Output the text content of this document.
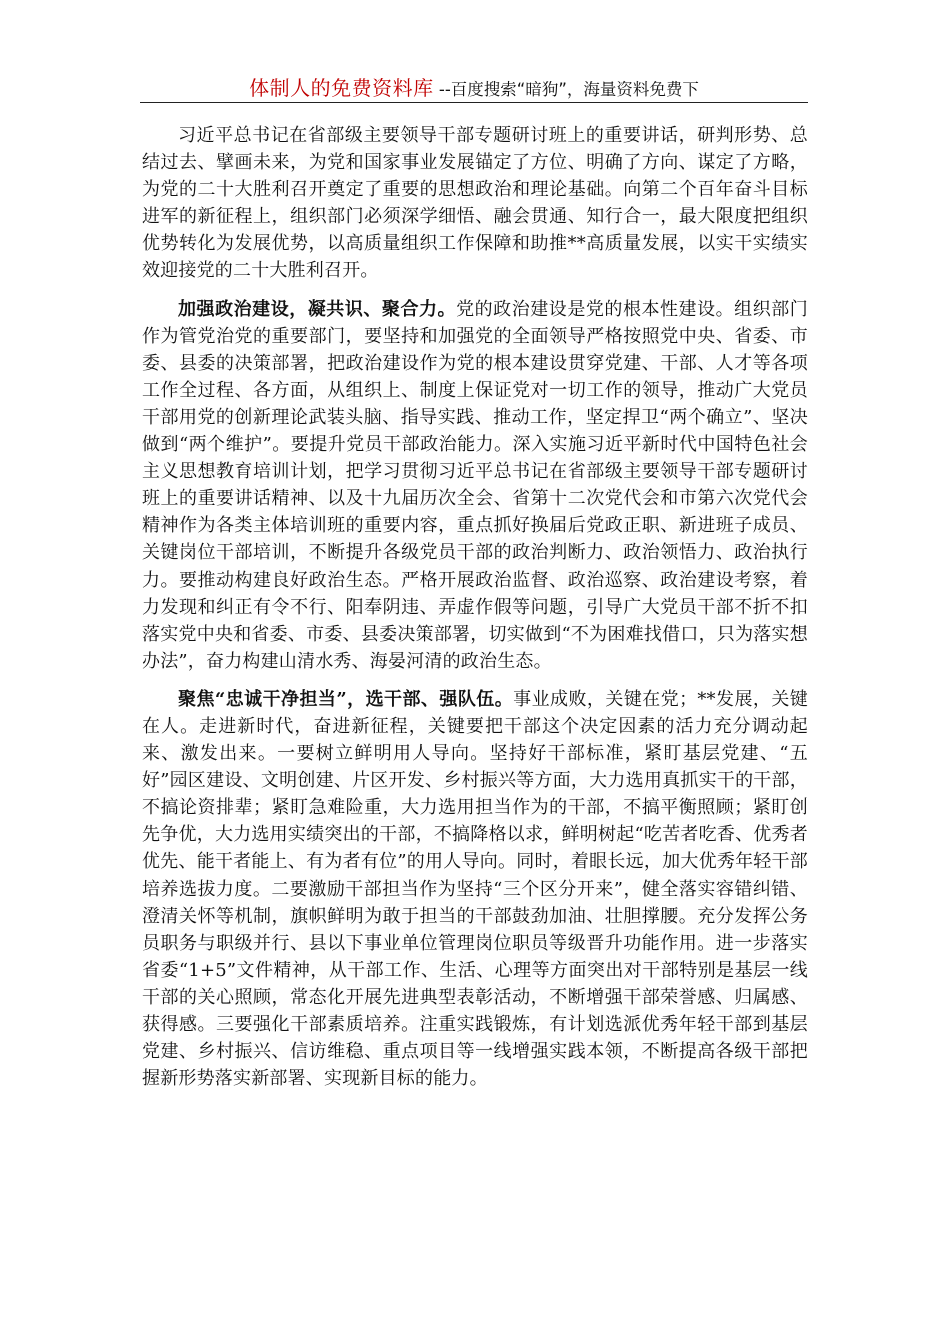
体制人的免费资料库 --百度搜索“暗狗”，海量资料免费下

习近平总书记在省部级主要领导干部专题研讨班上的重要讲话，研判形势、总结过去、擘画未来，为党和国家事业发展锚定了方位、明确了方向、谋定了方略，为党的二十大胜利召开奠定了重要的思想政治和理论基础。向第二个百年奋斗目标进军的新征程上，组织部门必须深学细悟、融会贯通、知行合一，最大限度把组织优势转化为发展优势，以高质量组织工作保障和助推**高质量发展，以实干实绩实效迎接党的二十大胜利召开。

加强政治建设，凝共识、聚合力。党的政治建设是党的根本性建设。组织部门作为管党治党的重要部门，要坚持和加强党的全面领导严格按照党中央、省委、市委、县委的决策部署，把政治建设作为党的根本建设贯穿党建、干部、人才等各项工作全过程、各方面，从组织上、制度上保证党对一切工作的领导，推动广大党员干部用党的创新理论武装头脑、指导实践、推动工作，坚定捍卫“两个确立”、坚决做到“两个维护”。要提升党员干部政治能力。深入实施习近平新时代中国特色社会主义思想教育培训计划，把学习贯彻习近平总书记在省部级主要领导干部专题研讨班上的重要讲话精神、以及十九届历次全会、省第十二次党代会和市第六次党代会精神作为各类主体培训班的重要内容，重点抓好换届后党政正职、新进班子成员、关键岗位干部培训，不断提升各级党员干部的政治判断力、政治领悟力、政治执行力。要推动构建良好政治生态。严格开展政治监督、政治巡察、政治建设考察，着力发现和纠正有令不行、阳奉阴违、弄虚作假等问题，引导广大党员干部不折不扣落实党中央和省委、市委、县委决策部署，切实做到“不为困难找借口，只为落实想办法”，奋力构建山清水秀、海晏河清的政治生态。

聚焦“忠诚干净担当”，选干部、强队伍。事业成败，关键在党；**发展，关键在人。走进新时代，奋进新征程，关键要把干部这个决定因素的活力充分调动起来、激发出来。一要树立鲜明用人导向。坚持好干部标准，紧盯基层党建、“五好”园区建设、文明创建、片区开发、乡村振兴等方面，大力选用真抓实干的干部，不搞论资排辈；紧盯急难险重，大力选用担当作为的干部，不搞平衡照顾；紧盯创先争优，大力选用实绩突出的干部，不搞降格以求，鲜明树起“吃苦者吃香、优秀者优先、能干者能上、有为者有位”的用人导向。同时，着眼长远，加大优秀年轻干部培养选拔力度。二要激励干部担当作为坚持“三个区分开来”，健全落实容错纠错、澄清关怀等机制，旗帜鲜明为敢于担当的干部鼓劲加油、壮胆撑腰。充分发挥公务员职务与职级并行、县以下事业单位管理岗位职员等级晋升功能作用。进一步落实省委“1+5”文件精神，从干部工作、生活、心理等方面突出对干部特别是基层一线干部的关心照顾，常态化开展先进典型表彰活动，不断增强干部荣誉感、归属感、获得感。三要强化干部素质培养。注重实践锻炼，有计划选派优秀年轻干部到基层党建、乡村振兴、信访维稳、重点项目等一线增强实践本领，不断提高各级干部把握新形势落实新部署、实现新目标的能力。
